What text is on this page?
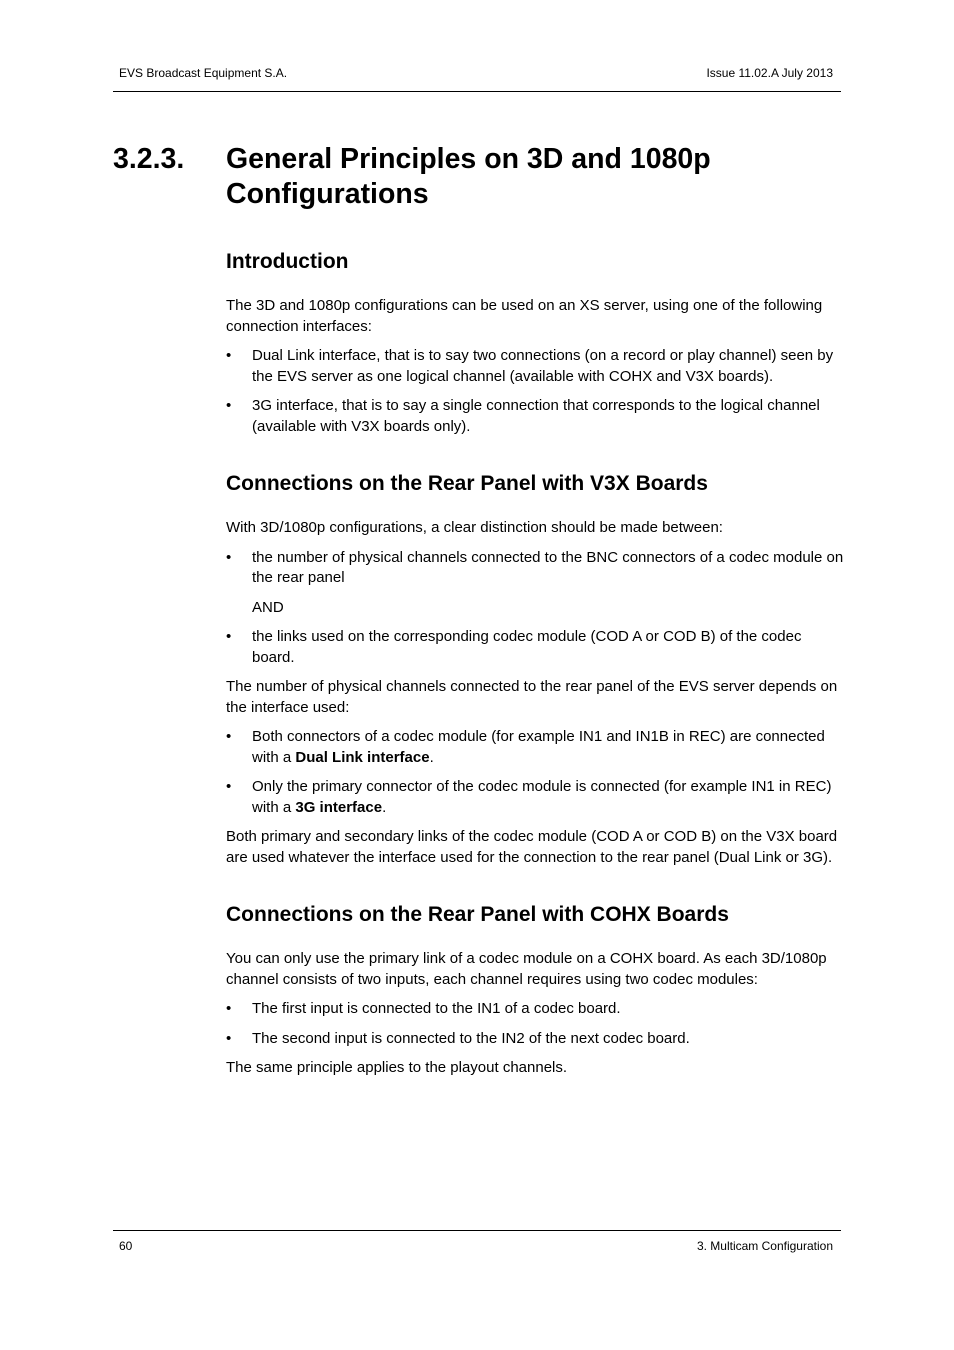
EVS Broadcast Equipment S.A.	Issue 11.02.A July 2013
3.2.3. General Principles on 3D and 1080p Configurations
Introduction

The 3D and 1080p configurations can be used on an XS server, using one of the following connection interfaces:

• Dual Link interface, that is to say two connections (on a record or play channel) seen by the EVS server as one logical channel (available with COHX and V3X boards).
• 3G interface, that is to say a single connection that corresponds to the logical channel (available with V3X boards only).
Connections on the Rear Panel with V3X Boards

With 3D/1080p configurations, a clear distinction should be made between:

• the number of physical channels connected to the BNC connectors of a codec module on the rear panel
AND
• the links used on the corresponding codec module (COD A or COD B) of the codec board.

The number of physical channels connected to the rear panel of the EVS server depends on the interface used:

• Both connectors of a codec module (for example IN1 and IN1B in REC) are connected with a Dual Link interface.
• Only the primary connector of the codec module is connected (for example IN1 in REC) with a 3G interface.

Both primary and secondary links of the codec module (COD A or COD B) on the V3X board are used whatever the interface used for the connection to the rear panel (Dual Link or 3G).

Connections on the Rear Panel with COHX Boards

You can only use the primary link of a codec module on a COHX board. As each 3D/1080p channel consists of two inputs, each channel requires using two codec modules:

• The first input is connected to the IN1 of a codec board.
• The second input is connected to the IN2 of the next codec board.

The same principle applies to the playout channels.

60	3. Multicam Configuration
